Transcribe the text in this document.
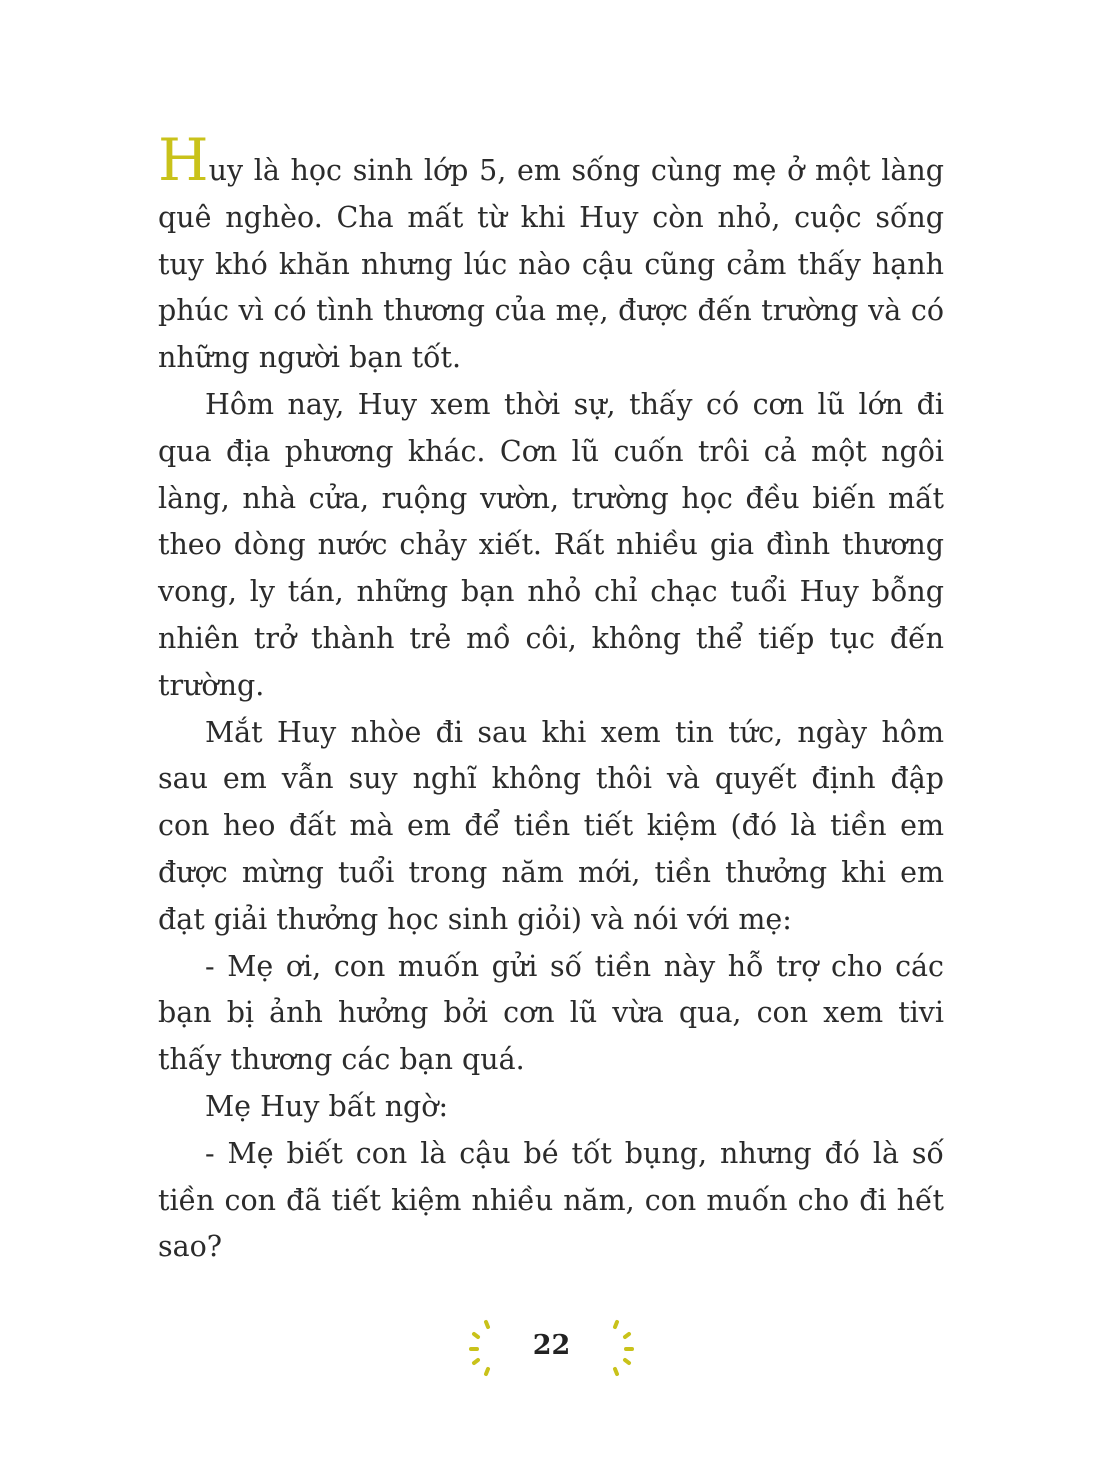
Huy là học sinh lớp 5, em sống cùng mẹ ở một làng quê nghèo. Cha mất từ khi Huy còn nhỏ, cuộc sống tuy khó khăn nhưng lúc nào cậu cũng cảm thấy hạnh phúc vì có tình thương của mẹ, được đến trường và có những người bạn tốt.

Hôm nay, Huy xem thời sự, thấy có cơn lũ lớn đi qua địa phương khác. Cơn lũ cuốn trôi cả một ngôi làng, nhà cửa, ruộng vườn, trường học đều biến mất theo dòng nước chảy xiết. Rất nhiều gia đình thương vong, ly tán, những bạn nhỏ chỉ chạc tuổi Huy bỗng nhiên trở thành trẻ mồ côi, không thể tiếp tục đến trường.

Mắt Huy nhòe đi sau khi xem tin tức, ngày hôm sau em vẫn suy nghĩ không thôi và quyết định đập con heo đất mà em để tiền tiết kiệm (đó là tiền em được mừng tuổi trong năm mới, tiền thưởng khi em đạt giải thưởng học sinh giỏi) và nói với mẹ:

- Mẹ ơi, con muốn gửi số tiền này hỗ trợ cho các bạn bị ảnh hưởng bởi cơn lũ vừa qua, con xem tivi thấy thương các bạn quá.

Mẹ Huy bất ngờ:

- Mẹ biết con là cậu bé tốt bụng, nhưng đó là số tiền con đã tiết kiệm nhiều năm, con muốn cho đi hết sao?

22
